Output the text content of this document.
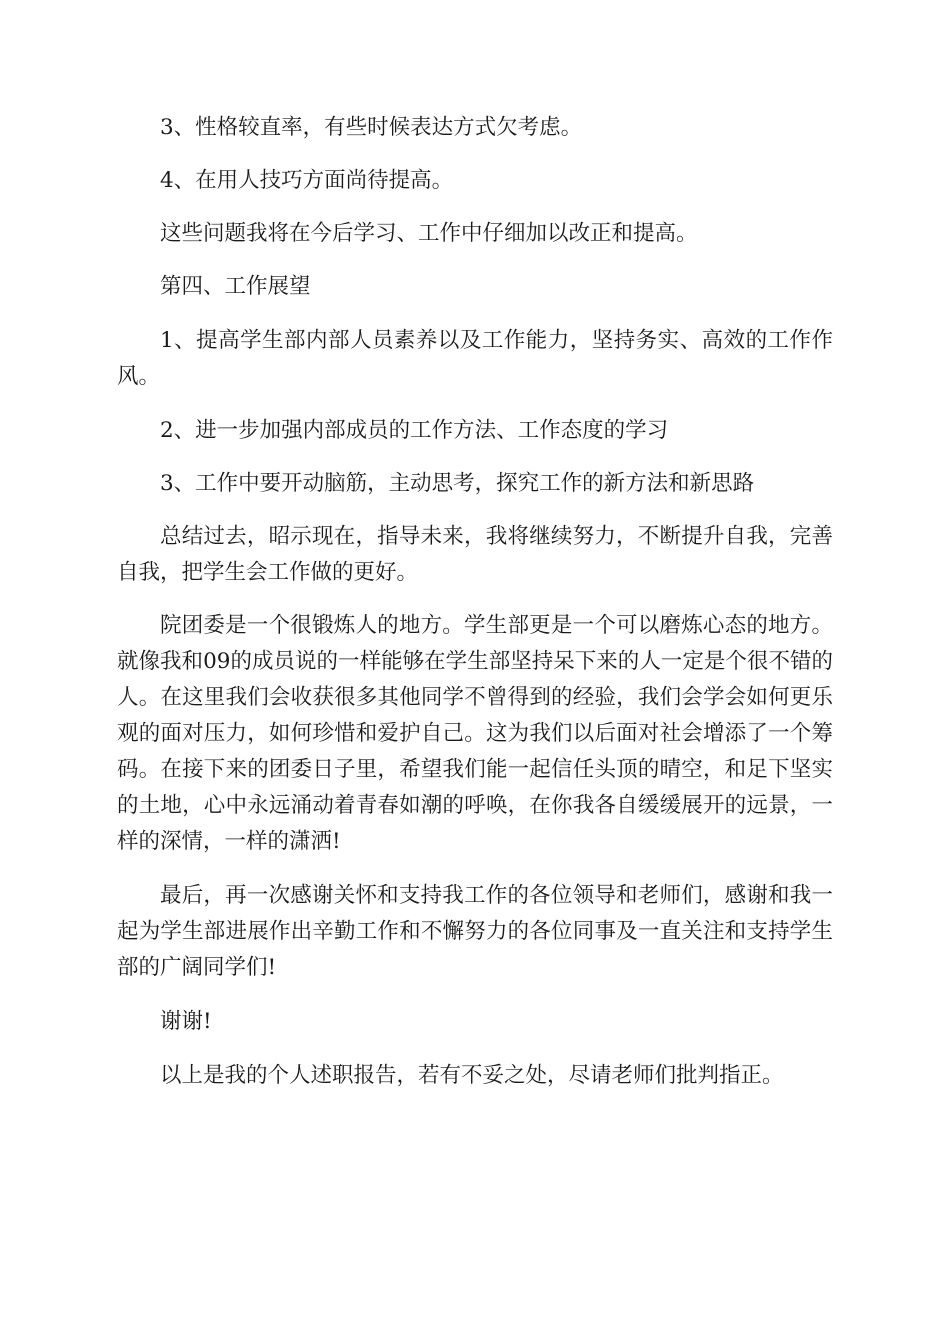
3、性格较直率，有些时候表达方式欠考虑。

4、在用人技巧方面尚待提高。

这些问题我将在今后学习、工作中仔细加以改正和提高。

第四、工作展望

1、提高学生部内部人员素养以及工作能力，坚持务实、高效的工作作风。

2、进一步加强内部成员的工作方法、工作态度的学习

3、工作中要开动脑筋，主动思考，探究工作的新方法和新思路

总结过去，昭示现在，指导未来，我将继续努力，不断提升自我，完善自我，把学生会工作做的更好。

院团委是一个很锻炼人的地方。学生部更是一个可以磨炼心态的地方。就像我和09的成员说的一样能够在学生部坚持呆下来的人一定是个很不错的人。在这里我们会收获很多其他同学不曾得到的经验，我们会学会如何更乐观的面对压力，如何珍惜和爱护自己。这为我们以后面对社会增添了一个筹码。在接下来的团委日子里，希望我们能一起信任头顶的晴空，和足下坚实的土地，心中永远涌动着青春如潮的呼唤，在你我各自缓缓展开的远景，一样的深情，一样的潇洒!

最后，再一次感谢关怀和支持我工作的各位领导和老师们，感谢和我一起为学生部进展作出辛勤工作和不懈努力的各位同事及一直关注和支持学生部的广阔同学们!

谢谢!

以上是我的个人述职报告，若有不妥之处，尽请老师们批判指正。
